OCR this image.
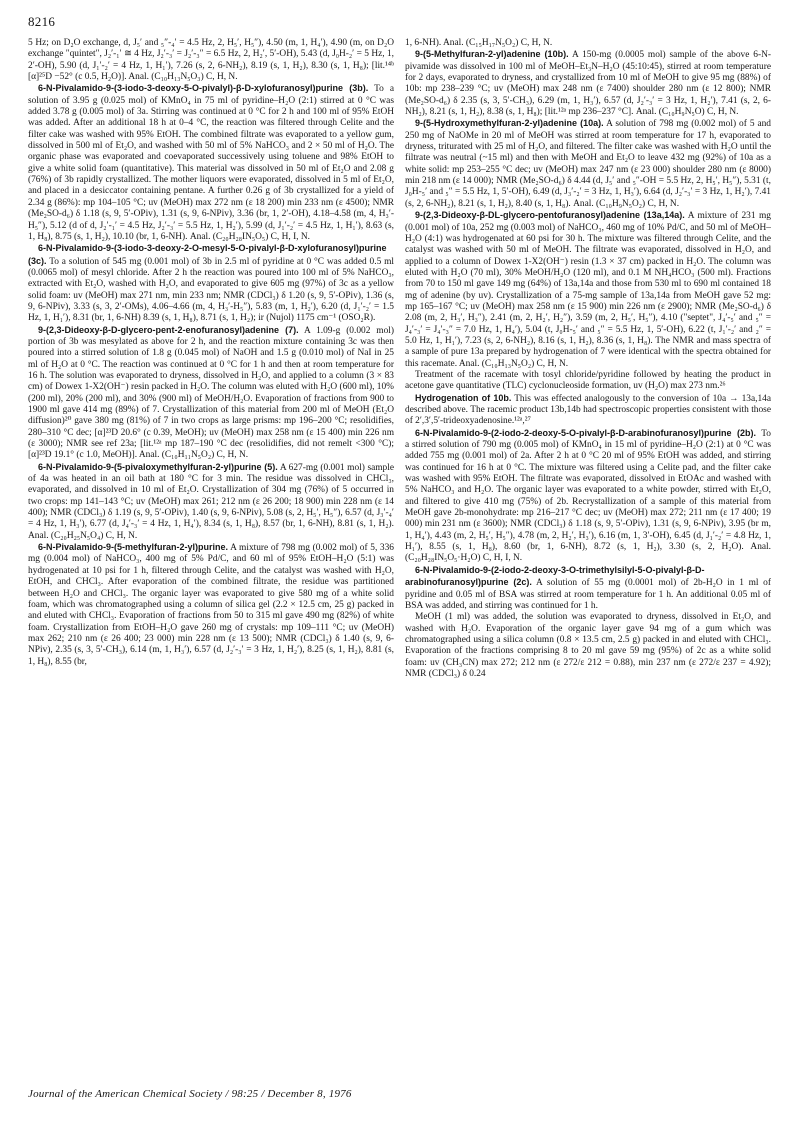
8216

5 Hz; on D₂O exchange, d, J₅′ and ₅″-₄′ = 4.5 Hz, 2, H₅′, H₅″), 4.50 (m, 1, H₄′), 4.90 (m, on D₂O exchange "quintet", J₂′-₁′ ≅ 4 Hz, J₂′-₃′ = J₂′-₃″ = 6.5 Hz, 2, H₂′, 5′-OH), 5.43 (d, J₀H-₂′ = 5 Hz, 1, 2′-OH), 5.90 (d, J₁′-₂′ = 4 Hz, 1, H₁′), 7.26 (s, 2, 6-NH₂), 8.19 (s, 1, H₂), 8.30 (s, 1, H₈); [lit.¹⁴ᵇ [α]²⁵D −52° (c 0.5, H₂O)]. Anal. (C₁₀H₁₃N₅O₃) C, H, N.

6-N-Pivalamido-9-(3-iodo-3-deoxy-5-O-pivalyl)-β-D-xylofuranosyl)purine (3b). To a solution of 3.95 g (0.025 mol) of KMnO₄ in 75 ml of pyridine–H₂O (2:1) stirred at 0 °C was added 3.78 g (0.005 mol) of 3a. Stirring was continued at 0 °C for 2 h and 100 ml of 95% EtOH was added. After an additional 18 h at 0–4 °C, the reaction was filtered through Celite and the filter cake was washed with 95% EtOH. The combined filtrate was evaporated to a yellow gum, dissolved in 500 ml of Et₂O, and washed with 50 ml of 5% NaHCO₃ and 2 × 50 ml of H₂O. The organic phase was evaporated and coevaporated successively using toluene and 98% EtOH to give a white solid foam (quantitative). This material was dissolved in 50 ml of Et₂O and 2.08 g (76%) of 3b rapidly crystallized. The mother liquors were evaporated, dissolved in 5 ml of Et₂O, and placed in a desiccator containing pentane. A further 0.26 g of 3b crystallized for a yield of 2.34 g (86%): mp 104–105 °C; uv (MeOH) max 272 nm (ε 18 200) min 233 nm (ε 4500); NMR (Me₂SO-d₆) δ 1.18 (s, 9, 5′-OPiv), 1.31 (s, 9, 6-NPiv), 3.36 (br, 1, 2′-OH), 4.18–4.58 (m, 4, H₃′-H₅″), 5.12 (d of d, J₂′-₁′ = 4.5 Hz, J₂′-₃′ = 5.5 Hz, 1, H₂′), 5.99 (d, J₁′-₂′ = 4.5 Hz, 1, H₁′), 8.63 (s, 1, H₈), 8.75 (s, 1, H₂), 10.10 (br, 1, 6-NH). Anal. (C₂₀H₂₈IN₅O₅) C, H, I, N.

6-N-Pivalamido-9-(3-iodo-3-deoxy-2-O-mesyl-5-O-pivalyl-β-D-xylofuranosyl)purine (3c). To a solution of 545 mg (0.001 mol) of 3b in 2.5 ml of pyridine at 0 °C was added 0.5 ml (0.0065 mol) of mesyl chloride. After 2 h the reaction was poured into 100 ml of 5% NaHCO₃, extracted with Et₂O, washed with H₂O, and evaporated to give 605 mg (97%) of 3c as a yellow solid foam: uv (MeOH) max 271 nm, min 233 nm; NMR (CDCl₃) δ 1.20 (s, 9, 5′-OPiv), 1.36 (s, 9, 6-NPiv), 3.33 (s, 3, 2′-OMs), 4.06–4.66 (m, 4, H₃′-H₅″), 5.83 (m, 1, H₂′), 6.20 (d, J₁′-₂′ = 1.5 Hz, 1, H₁′), 8.31 (br, 1, 6-NH) 8.39 (s, 1, H₈), 8.71 (s, 1, H₂); ir (Nujol) 1175 cm⁻¹ (OSO₂R).

9-(2,3-Dideoxy-β-D-glycero-pent-2-enofuranosyl)adenine (7). A 1.09-g (0.002 mol) portion of 3b was mesylated as above for 2 h, and the reaction mixture containing 3c was then poured into a stirred solution of 1.8 g (0.045 mol) of NaOH and 1.5 g (0.010 mol) of NaI in 25 ml of H₂O at 0 °C. The reaction was continued at 0 °C for 1 h and then at room temperature for 16 h. The solution was evaporated to dryness, dissolved in H₂O, and applied to a column (3 × 83 cm) of Dowex 1-X2(OH⁻) resin packed in H₂O. The column was eluted with H₂O (600 ml), 10% (200 ml), 20% (200 ml), and 30% (900 ml) of MeOH/H₂O. Evaporation of fractions from 900 to 1900 ml gave 414 mg (89%) of 7. Crystallization of this material from 200 ml of MeOH (Et₂O diffusion)²⁰ gave 380 mg (81%) of 7 in two crops as large prisms: mp 196–200 °C; resolidifies, 280–310 °C dec; [α]²³D 20.6° (c 0.39, MeOH); uv (MeOH) max 258 nm (ε 15 400) min 226 nm (ε 3000); NMR see ref 23a; [lit.¹²ᵃ mp 187–190 °C dec (resolidifies, did not remelt <300 °C); [α]²³D 19.1° (c 1.0, MeOH)]. Anal. (C₁₀H₁₁N₅O₂) C, H, N.

6-N-Pivalamido-9-(5-pivaloxymethylfuran-2-yl)purine (5). A 627-mg (0.001 mol) sample of 4a was heated in an oil bath at 180 °C for 3 min. The residue was dissolved in CHCl₃, evaporated, and dissolved in 10 ml of Et₂O. Crystallization of 304 mg (76%) of 5 occurred in two crops: mp 141–143 °C; uv (MeOH) max 261; 212 nm (ε 26 200; 18 900) min 228 nm (ε 14 400); NMR (CDCl₃) δ 1.19 (s, 9, 5′-OPiv), 1.40 (s, 9, 6-NPiv), 5.08 (s, 2, H₅′, H₅″), 6.57 (d, J₃′-₄′ = 4 Hz, 1, H₃′), 6.77 (d, J₄′-₃′ = 4 Hz, 1, H₄′), 8.34 (s, 1, H₈), 8.57 (br, 1, 6-NH), 8.81 (s, 1, H₂). Anal. (C₂₀H₂₅N₅O₄) C, H, N.

6-N-Pivalamido-9-(5-methylfuran-2-yl)purine. A mixture of 798 mg (0.002 mol) of 5, 336 mg (0.004 mol) of NaHCO₃, 400 mg of 5% Pd/C, and 60 ml of 95% EtOH–H₂O (5:1) was hydrogenated at 10 psi for 1 h, filtered through Celite, and the catalyst was washed with H₂O, EtOH, and CHCl₃. After evaporation of the combined filtrate, the residue was partitioned between H₂O and CHCl₃. The organic layer was evaporated to give 580 mg of a white solid foam, which was chromatographed using a column of silica gel (2.2 × 12.5 cm, 25 g) packed in and eluted with CHCl₃. Evaporation of fractions from 50 to 315 ml gave 490 mg (82%) of white foam. Crystallization from EtOH–H₂O gave 260 mg of crystals: mp 109–111 °C; uv (MeOH) max 262; 210 nm (ε 26 400; 23 000) min 228 nm (ε 13 500); NMR (CDCl₃) δ 1.40 (s, 9, 6-NPiv), 2.35 (s, 3, 5′-CH₃), 6.14 (m, 1, H₃′), 6.57 (d, J₂′-₃′ = 3 Hz, 1, H₂′), 8.25 (s, 1, H₂), 8.81 (s, 1, H₈), 8.55 (br,

1, 6-NH). Anal. (C₁₅H₁₇N₅O₂) C, H, N.

9-(5-Methylfuran-2-yl)adenine (10b). A 150-mg (0.0005 mol) sample of the above 6-N-pivamide was dissolved in 100 ml of MeOH–Et₃N–H₂O (45:10:45), stirred at room temperature for 2 days, evaporated to dryness, and crystallized from 10 ml of MeOH to give 95 mg (88%) of 10b: mp 238–239 °C; uv (MeOH) max 248 nm (ε 7400) shoulder 280 nm (ε 12 800); NMR (Me₂SO-d₆) δ 2.35 (s, 3, 5′-CH₃), 6.29 (m, 1, H₃′), 6.57 (d, J₂′-₃′ = 3 Hz, 1, H₂′), 7.41 (s, 2, 6-NH₂), 8.21 (s, 1, H₂), 8.38 (s, 1, H₈); [lit.¹²ᵃ mp 236–237 °C]. Anal. (C₁₀H₉N₅O) C, H, N.

9-(5-Hydroxymethylfuran-2-yl)adenine (10a). A solution of 798 mg (0.002 mol) of 5 and 250 mg of NaOMe in 20 ml of MeOH was stirred at room temperature for 17 h, evaporated to dryness, triturated with 25 ml of H₂O, and filtered. The filter cake was washed with H₂O until the filtrate was neutral (~15 ml) and then with MeOH and Et₂O to leave 432 mg (92%) of 10a as a white solid: mp 253–255 °C dec; uv (MeOH) max 247 nm (ε 23 000) shoulder 280 nm (ε 8000) min 218 nm (ε 14 000); NMR (Me₂SO-d₆) δ 4.44 (d, J₅′ and ₅″-OH = 5.5 Hz, 2, H₅′, H₅″), 5.31 (t, J₀H-₅′ and ₅″ = 5.5 Hz, 1, 5′-OH), 6.49 (d, J₃′-₂′ = 3 Hz, 1, H₃′), 6.64 (d, J₂′-₃′ = 3 Hz, 1, H₂′), 7.41 (s, 2, 6-NH₂), 8.21 (s, 1, H₂), 8.40 (s, 1, H₈). Anal. (C₁₀H₉N₅O₂) C, H, N.

9-(2,3-Dideoxy-β-DL-glycero-pentofuranosyl)adenine (13a,14a). A mixture of 231 mg (0.001 mol) of 10a, 252 mg (0.003 mol) of NaHCO₃, 460 mg of 10% Pd/C, and 50 ml of MeOH–H₂O (4:1) was hydrogenated at 60 psi for 30 h. The mixture was filtered through Celite, and the catalyst was washed with 50 ml of MeOH. The filtrate was evaporated, dissolved in H₂O, and applied to a column of Dowex 1-X2(OH⁻) resin (1.3 × 37 cm) packed in H₂O. The column was eluted with H₂O (70 ml), 30% MeOH/H₂O (120 ml), and 0.1 M NH₄HCO₃ (500 ml). Fractions from 70 to 150 ml gave 149 mg (64%) of 13a,14a and those from 530 ml to 690 ml contained 18 mg of adenine (by uv). Crystallization of a 75-mg sample of 13a,14a from MeOH gave 52 mg: mp 165–167 °C; uv (MeOH) max 258 nm (ε 15 900) min 226 nm (ε 2900); NMR (Me₂SO-d₆) δ 2.08 (m, 2, H₃′, H₃″), 2.41 (m, 2, H₂′, H₂″), 3.59 (m, 2, H₅′, H₅″), 4.10 ("septet", J₄′-₅′ and ₅″ = J₄′-₃′ = J₄′-₃″ = 7.0 Hz, 1, H₄′), 5.04 (t, J₀H-₅′ and ₅″ = 5.5 Hz, 1, 5′-OH), 6.22 (t, J₁′-₂′ and ₂″ = 5.0 Hz, 1, H₁′), 7.23 (s, 2, 6-NH₂), 8.16 (s, 1, H₂), 8.36 (s, 1, H₈). The NMR and mass spectra of a sample of pure 13a prepared by hydrogenation of 7 were identical with the spectra obtained for this racemate. Anal. (C₁₀H₁₃N₅O₂) C, H, N.

Treatment of the racemate with tosyl chloride/pyridine followed by heating the product in acetone gave quantitative (TLC) cyclonucleoside formation, uv (H₂O) max 273 nm.²⁶

Hydrogenation of 10b. This was effected analogously to the conversion of 10a → 13a,14a described above. The racemic product 13b,14b had spectroscopic properties consistent with those of 2′,3′,5′-trideoxyadenosine.¹²ᵃ,²⁷

6-N-Pivalamido-9-(2-iodo-2-deoxy-5-O-pivalyl-β-D-arabinofuranosyl)purine (2b). To a stirred solution of 790 mg (0.005 mol) of KMnO₄ in 15 ml of pyridine–H₂O (2:1) at 0 °C was added 755 mg (0.001 mol) of 2a. After 2 h at 0 °C 20 ml of 95% EtOH was added, and stirring was continued for 16 h at 0 °C. The mixture was filtered using a Celite pad, and the filter cake was washed with 95% EtOH. The filtrate was evaporated, dissolved in EtOAc and washed with 5% NaHCO₃ and H₂O. The organic layer was evaporated to a white powder, stirred with Et₂O, and filtered to give 410 mg (75%) of 2b. Recrystallization of a sample of this material from MeOH gave 2b-monohydrate: mp 216–217 °C dec; uv (MeOH) max 272; 211 nm (ε 17 400; 19 000) min 231 nm (ε 3600); NMR (CDCl₃) δ 1.18 (s, 9, 5′-OPiv), 1.31 (s, 9, 6-NPiv), 3.95 (br m, 1, H₄′), 4.43 (m, 2, H₅′, H₅″), 4.78 (m, 2, H₂′, H₃′), 6.16 (m, 1, 3′-OH), 6.45 (d, J₁′-₂′ = 4.8 Hz, 1, H₁′), 8.55 (s, 1, H₈), 8.60 (br, 1, 6-NH), 8.72 (s, 1, H₂), 3.30 (s, 2, H₂O). Anal. (C₂₀H₂₈IN₅O₅·H₂O) C, H, I, N.

6-N-Pivalamido-9-(2-iodo-2-deoxy-3-O-trimethylsilyl-5-O-pivalyl-β-D-arabinofuranosyl)purine (2c). A solution of 55 mg (0.0001 mol) of 2b-H₂O in 1 ml of pyridine and 0.05 ml of BSA was stirred at room temperature for 1 h. An additional 0.05 ml of BSA was added, and stirring was continued for 1 h.

MeOH (1 ml) was added, the solution was evaporated to dryness, dissolved in Et₂O, and washed with H₂O. Evaporation of the organic layer gave 94 mg of a gum which was chromatographed using a silica column (0.8 × 13.5 cm, 2.5 g) packed in and eluted with CHCl₃. Evaporation of the fractions comprising 8 to 20 ml gave 59 mg (95%) of 2c as a white solid foam: uv (CH₃CN) max 272; 212 nm (ε 272/ε 212 = 0.88), min 237 nm (ε 272/ε 237 = 4.92); NMR (CDCl₃) δ 0.24

Journal of the American Chemical Society / 98:25 / December 8, 1976
